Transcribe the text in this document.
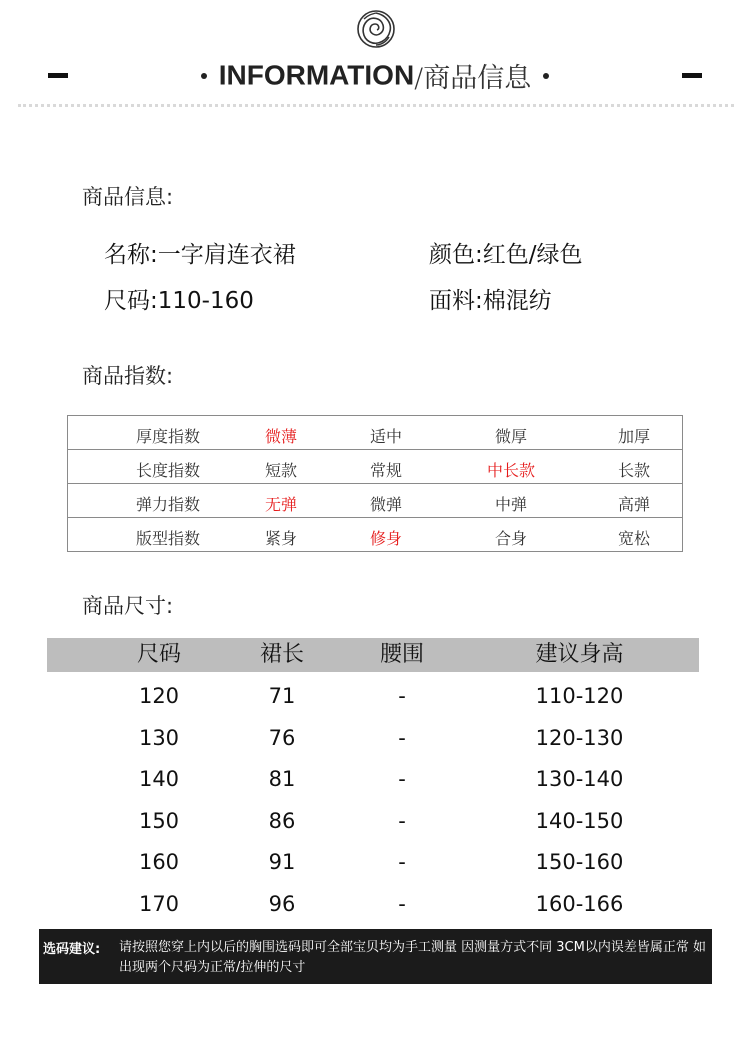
INFORMATION/商品信息
商品信息:
名称:一字肩连衣裙	颜色:红色/绿色
尺码:110-160	面料:棉混纺
商品指数:
厚度指数	微薄	适中	微厚	加厚

长度指数	短款	常规	中长款	长款

弹力指数	无弹	微弹	中弹	高弹

版型指数	紧身	修身	合身	宽松
商品尺寸:
尺码	裙长	腰围	建议身高
120	71	-	110-120
130	76	-	120-130
140	81	-	130-140
150	86	-	140-150
160	91	-	150-160
170	96	-	160-166
选码建议: 请按照您穿上内以后的胸围选码即可全部宝贝均为手工测量 因测量方式不同 3CM以内误差皆属正常 如出现两个尺码为正常/拉伸的尺寸
